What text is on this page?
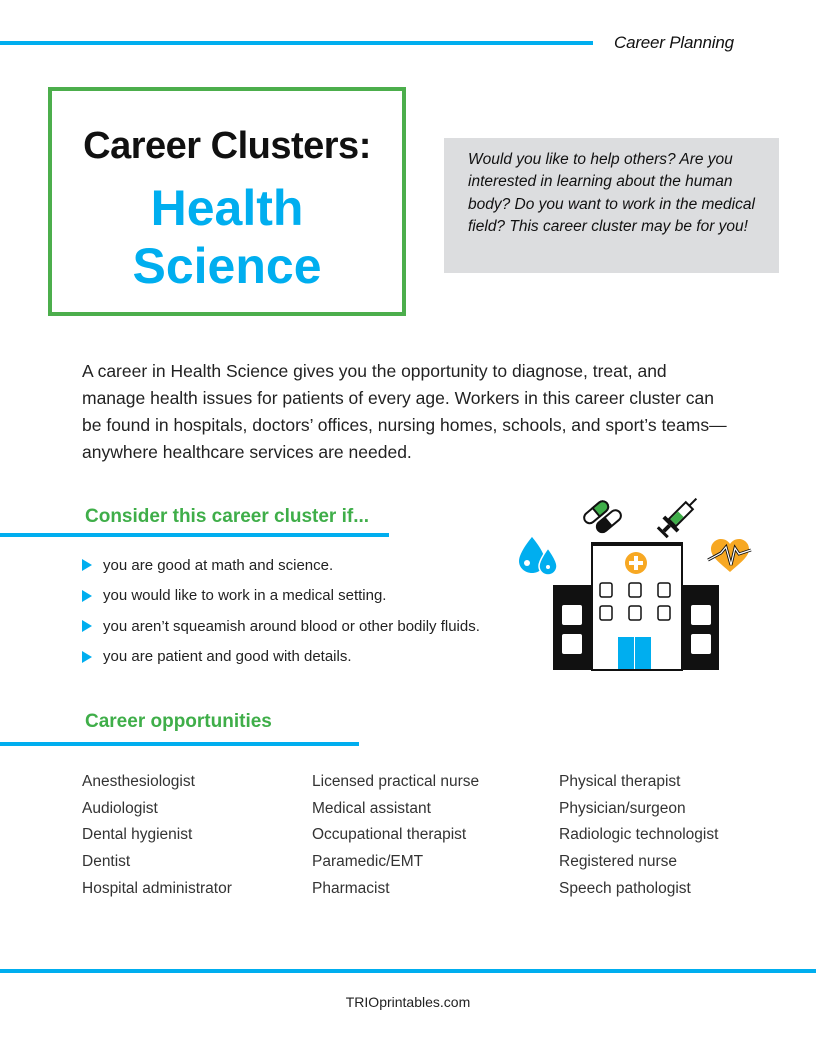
Career Planning
Career Clusters:
Health
Science
Would you like to help others? Are you interested in learning about the human body? Do you want to work in the medical field? This career cluster may be for you!
A career in Health Science gives you the opportunity to diagnose, treat, and manage health issues for patients of every age. Workers in this career cluster can be found in hospitals, doctors’ offices, nursing homes, schools, and sport’s teams—anywhere healthcare services are needed.
Consider this career cluster if...
you are good at math and science.
you would like to work in a medical setting.
you aren’t squeamish around blood or other bodily fluids.
you are patient and good with details.
Career opportunities
Anesthesiologist
Audiologist
Dental hygienist
Dentist
Hospital administrator
Licensed practical nurse
Medical assistant
Occupational therapist
Paramedic/EMT
Pharmacist
Physical therapist
Physician/surgeon
Radiologic technologist
Registered nurse
Speech pathologist
TRIOprintables.com
